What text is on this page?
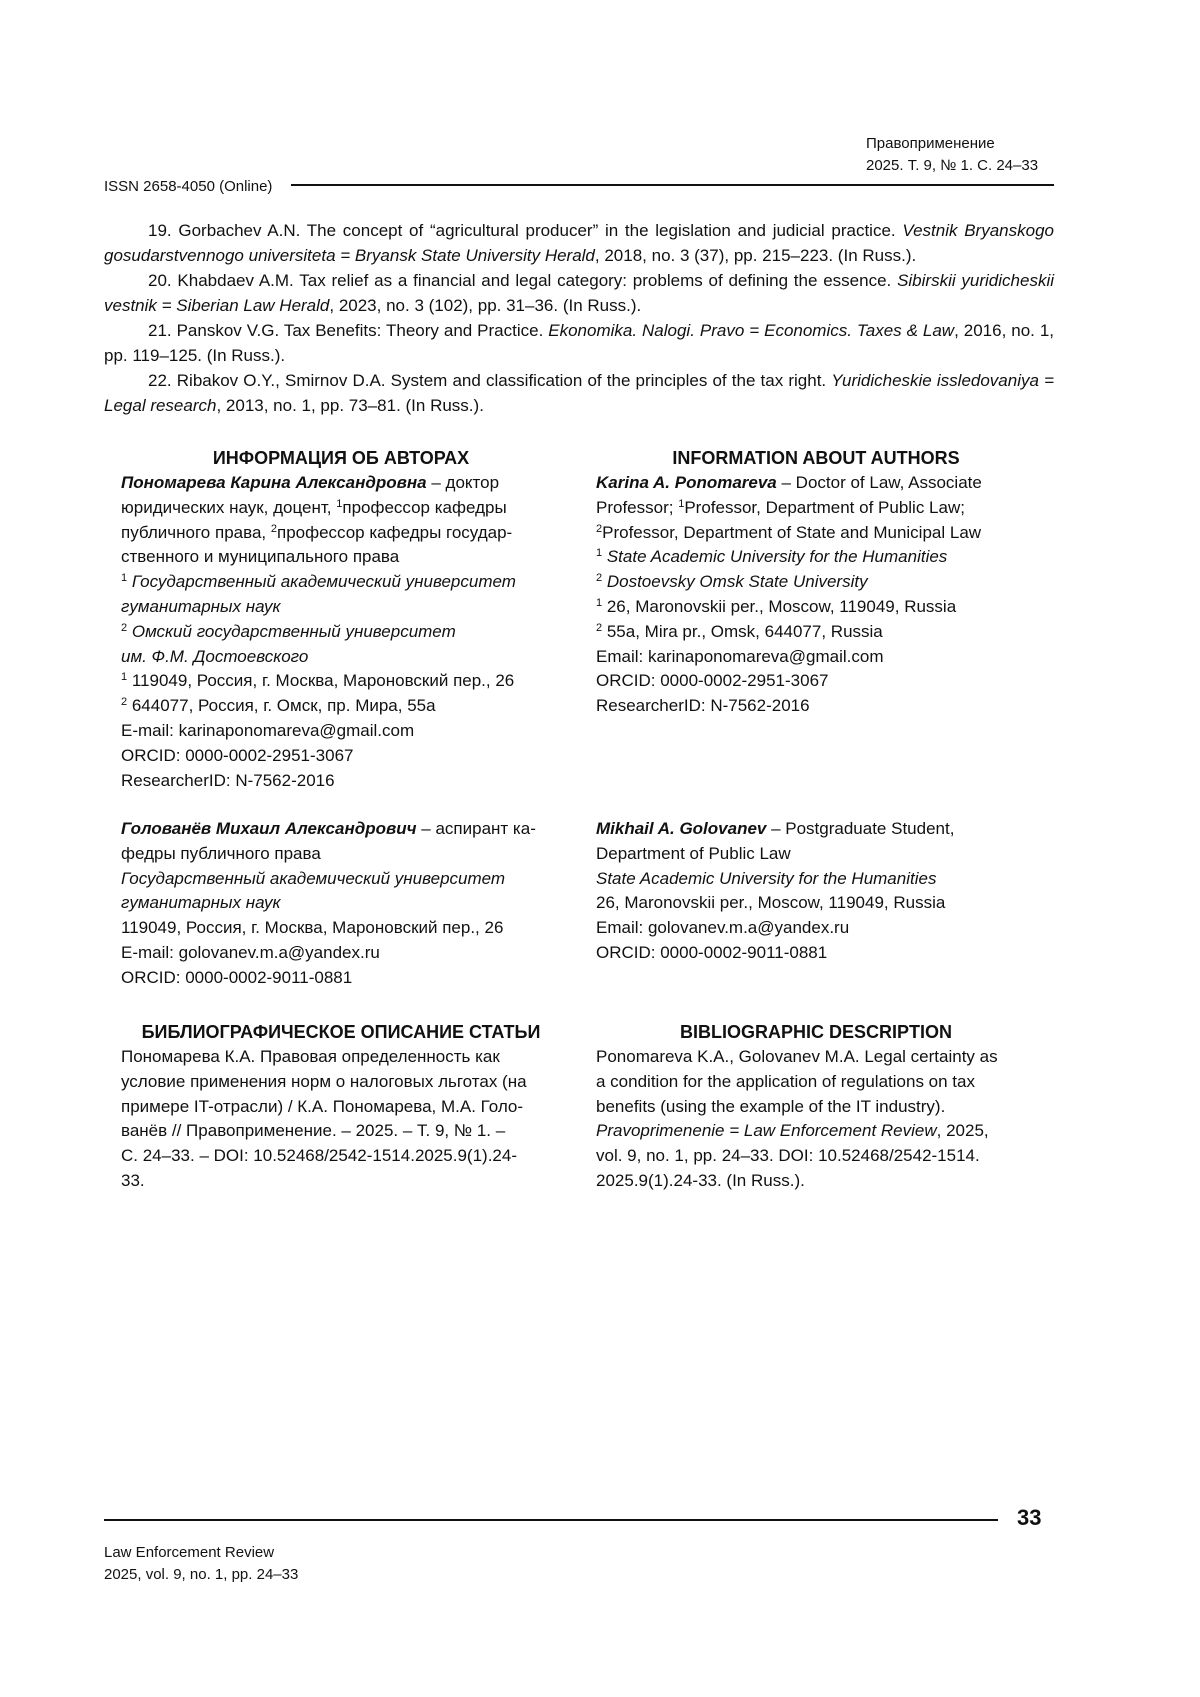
Правоприменение
2025. Т. 9, № 1. С. 24–33
ISSN 2658-4050 (Online)

19. Gorbachev A.N. The concept of “agricultural producer” in the legislation and judicial practice. Vestnik Bryanskogo gosudarstvennogo universiteta = Bryansk State University Herald, 2018, no. 3 (37), pp. 215–223. (In Russ.).

20. Khabdaev A.M. Tax relief as a financial and legal category: problems of defining the essence. Sibirskii yuridicheskii vestnik = Siberian Law Herald, 2023, no. 3 (102), pp. 31–36. (In Russ.).

21. Panskov V.G. Tax Benefits: Theory and Practice. Ekonomika. Nalogi. Pravo = Economics. Taxes & Law, 2016, no. 1, pp. 119–125. (In Russ.).

22. Ribakov O.Y., Smirnov D.A. System and classification of the principles of the tax right. Yuridicheskie issledovaniya = Legal research, 2013, no. 1, pp. 73–81. (In Russ.).

ИНФОРМАЦИЯ ОБ АВТОРАХ
Пономарева Карина Александровна – доктор
юридических наук, доцент, $^1$профессор кафедры
публичного права, $^2$профессор кафедры государ-
ственного и муниципального права
$^1$ Государственный академический университет
гуманитарных наук
$^2$ Омский государственный университет
им. Ф.М. Достоевского
$^1$ 119049, Россия, г. Москва, Мароновский пер., 26
$^2$ 644077, Россия, г. Омск, пр. Мира, 55а
E-mail: karinaponomareva@gmail.com
ORCID: 0000-0002-2951-3067
ResearcherID: N-7562-2016
Голованёв Михаил Александрович – аспирант ка-
федры публичного права
Государственный академический университет
гуманитарных наук
119049, Россия, г. Москва, Мароновский пер., 26
E-mail: golovanev.m.a@yandex.ru
ORCID: 0000-0002-9011-0881
INFORMATION ABOUT AUTHORS
Karina A. Ponomareva – Doctor of Law, Associate
Professor; $^1$Professor, Department of Public Law;
$^2$Professor, Department of State and Municipal Law
$^1$ State Academic University for the Humanities
$^2$ Dostoevsky Omsk State University
$^1$ 26, Maronovskii per., Moscow, 119049, Russia
$^2$ 55a, Mira pr., Omsk, 644077, Russia
Email: karinaponomareva@gmail.com
ORCID: 0000-0002-2951-3067
ResearcherID: N-7562-2016
Mikhail A. Golovanev – Postgraduate Student,
Department of Public Law
State Academic University for the Humanities
26, Maronovskii per., Moscow, 119049, Russia
Email: golovanev.m.a@yandex.ru
ORCID: 0000-0002-9011-0881
БИБЛИОГРАФИЧЕСКОЕ ОПИСАНИЕ СТАТЬИ
Пономарева К.А. Правовая определенность как
условие применения норм о налоговых льготах (на
примере IT-отрасли) / К.А. Пономарева, М.А. Голо-
ванёв // Правоприменение. – 2025. – Т. 9, № 1. –
С. 24–33. – DOI: 10.52468/2542-1514.2025.9(1).24-
33.
BIBLIOGRAPHIC DESCRIPTION
Ponomareva K.A., Golovanev M.A. Legal certainty as
a condition for the application of regulations on tax
benefits (using the example of the IT industry).
Pravoprimenenie = Law Enforcement Review, 2025,
vol. 9, no. 1, pp. 24–33. DOI: 10.52468/2542-1514.
2025.9(1).24-33. (In Russ.).
33
Law Enforcement Review
2025, vol. 9, no. 1, pp. 24–33
